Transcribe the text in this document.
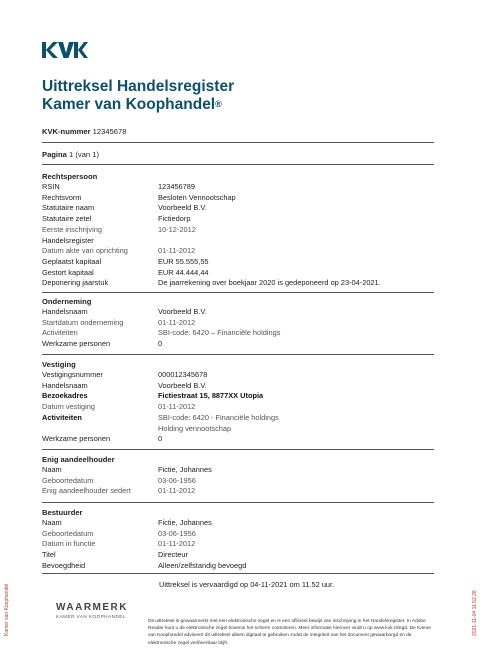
Uittreksel Handelsregister
Kamer van Koophandel®
KVK-nummer 12345678
Pagina 1 (van 1)
Rechtspersoon
RSIN	123456789
Rechtsvorm	Besloten Vennootschap
Statutaire naam	Voorbeeld B.V.
Statutaire zetel	Fictiedorp
Eerste inschrijving	10-12-2012
Handelsregister
Datum akte van oprichting	01-11-2012
Geplaatst kapitaal	EUR 55.555,55
Gestort kapitaal	EUR 44.444,44
Deponering jaarstuk	De jaarrekening over boekjaar 2020 is gedeponeerd op 23-04-2021.
Onderneming
Handelsnaam	Voorbeeld B.V.
Startdatum onderneming	01-11-2012
Activiteiten	SBI-code: 6420 – Financiële holdings
Werkzame personen	0
Vestiging
Vestigingsnummer	000012345678
Handelsnaam	Voorbeeld B.V.
Bezoekadres	Fictiestraat 15, 8877XX Utopia
Datum vestiging	01-11-2012
Activiteiten	SBI-code: 6420 - Financiële holdings
Holding vennootschap
Werkzame personen	0
Enig aandeelhouder
Naam	Fictie, Johannes
Geboortedatum	03-06-1956
Enig aandeelhouder sedert	01-11-2012
Bestuurder
Naam	Fictie, Johannes
Geboortedatum	03-06-1956
Datum in functie	01-11-2012
Titel	Directeur
Bevoegdheid	Alleen/zelfstandig bevoegd
Uittreksel is vervaardigd op 04-11-2021 om 11.52 uur.
Kamer van Koophandel	2021-11-04 11:52:28
WAARMERK
KAMER VAN KOOPHANDEL
Dit uittreksel is gewaarmerkt met een elektronische zegel en is een officieel bewijs van inschrijving in het Handelsregister. In Adobe Reader kunt u de elektronische zegel bovenin het scherm controleren. Meer informatie hierover vindt u op www.kvk.nl/egd. De Kamer van Koophandel adviseert dit uittreksel alleen digitaal te gebruiken zodat de integriteit van het document gewaarborgd en de elektronische zegel verifieerbaar blijft.
